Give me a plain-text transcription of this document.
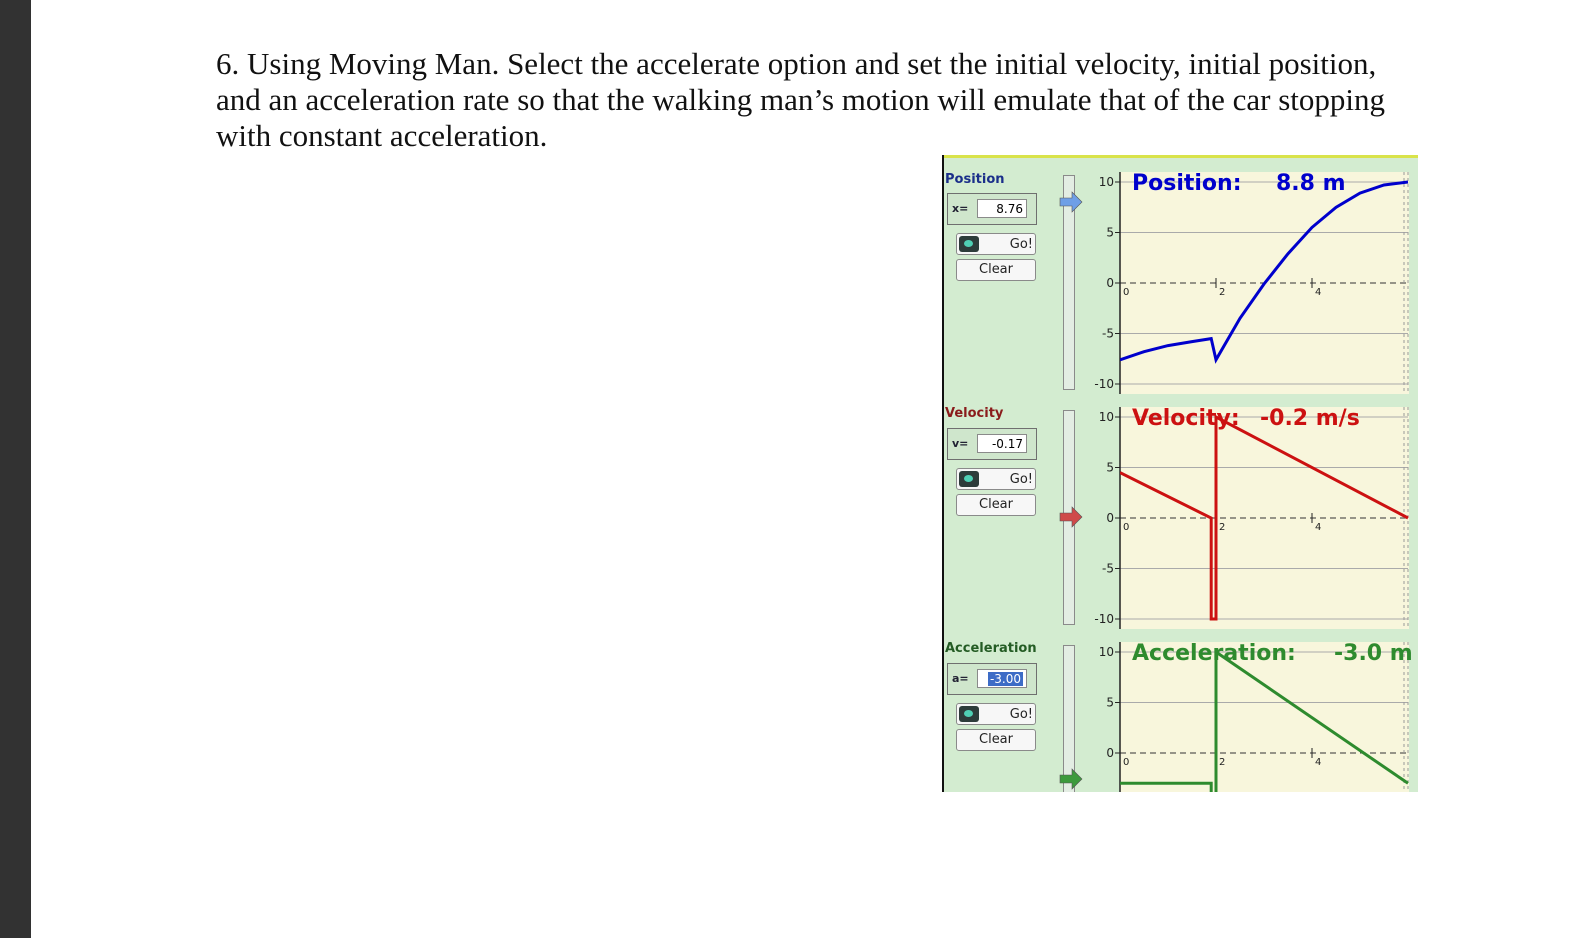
6. Using Moving Man. Select the accelerate option and set the initial velocity, initial position, and an acceleration rate so that the walking man’s motion will emulate that of the car stopping with constant acceleration.

Position
x=	8.76
Go!
Clear
Velocity
v=	-0.17
Go!
Clear
Acceleration
a=	-3.00
Go!
Clear
10
5
0
-5
-10
0	2	4
10
5
0
-5
-10
0	2	4
10
5
0
0	2	4
Position: 8.8 m
Velocity: -0.2 m/s
Acceleration: -3.0 m
